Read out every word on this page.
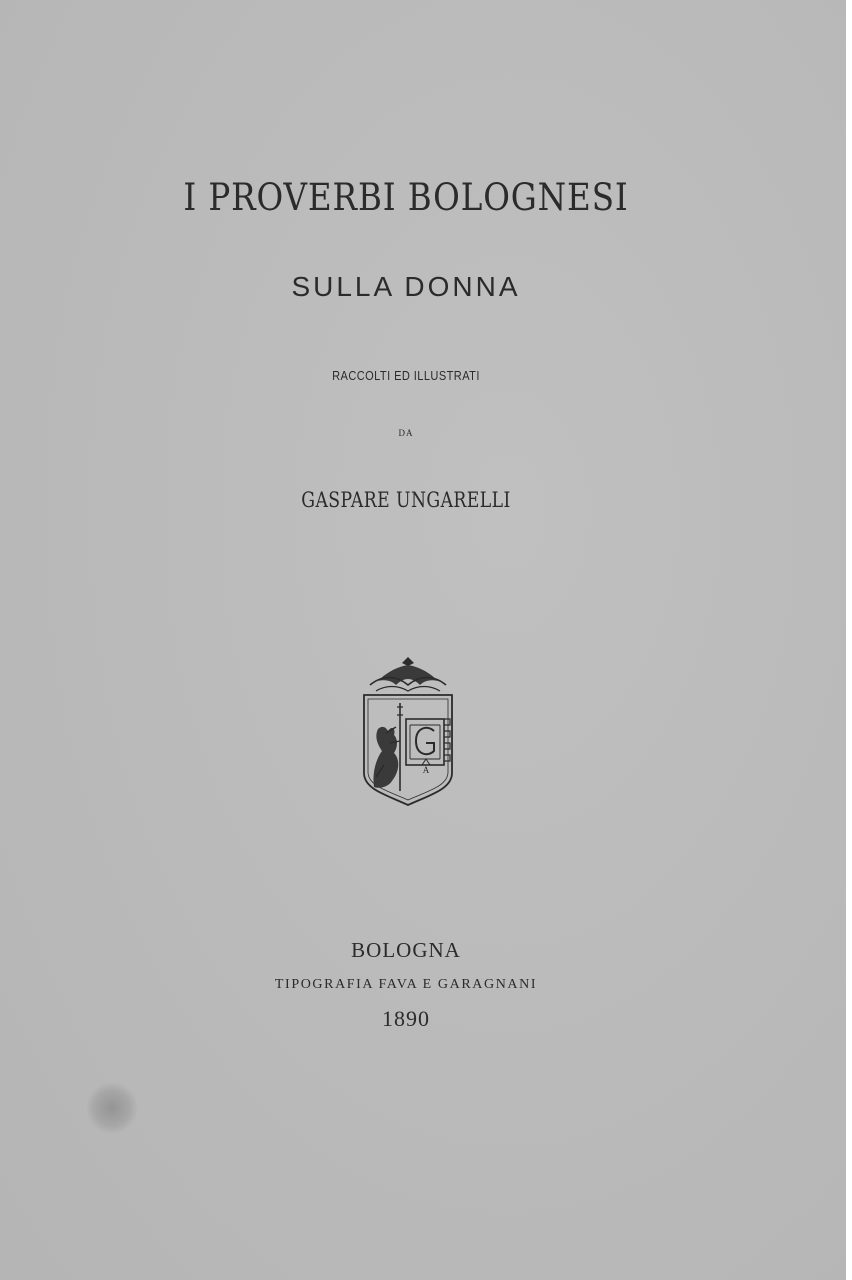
I PROVERBI BOLOGNESI
SULLA DONNA
RACCOLTI ED ILLUSTRATI
DA
GASPARE UNGARELLI
A
BOLOGNA
TIPOGRAFIA FAVA E GARAGNANI
1890
